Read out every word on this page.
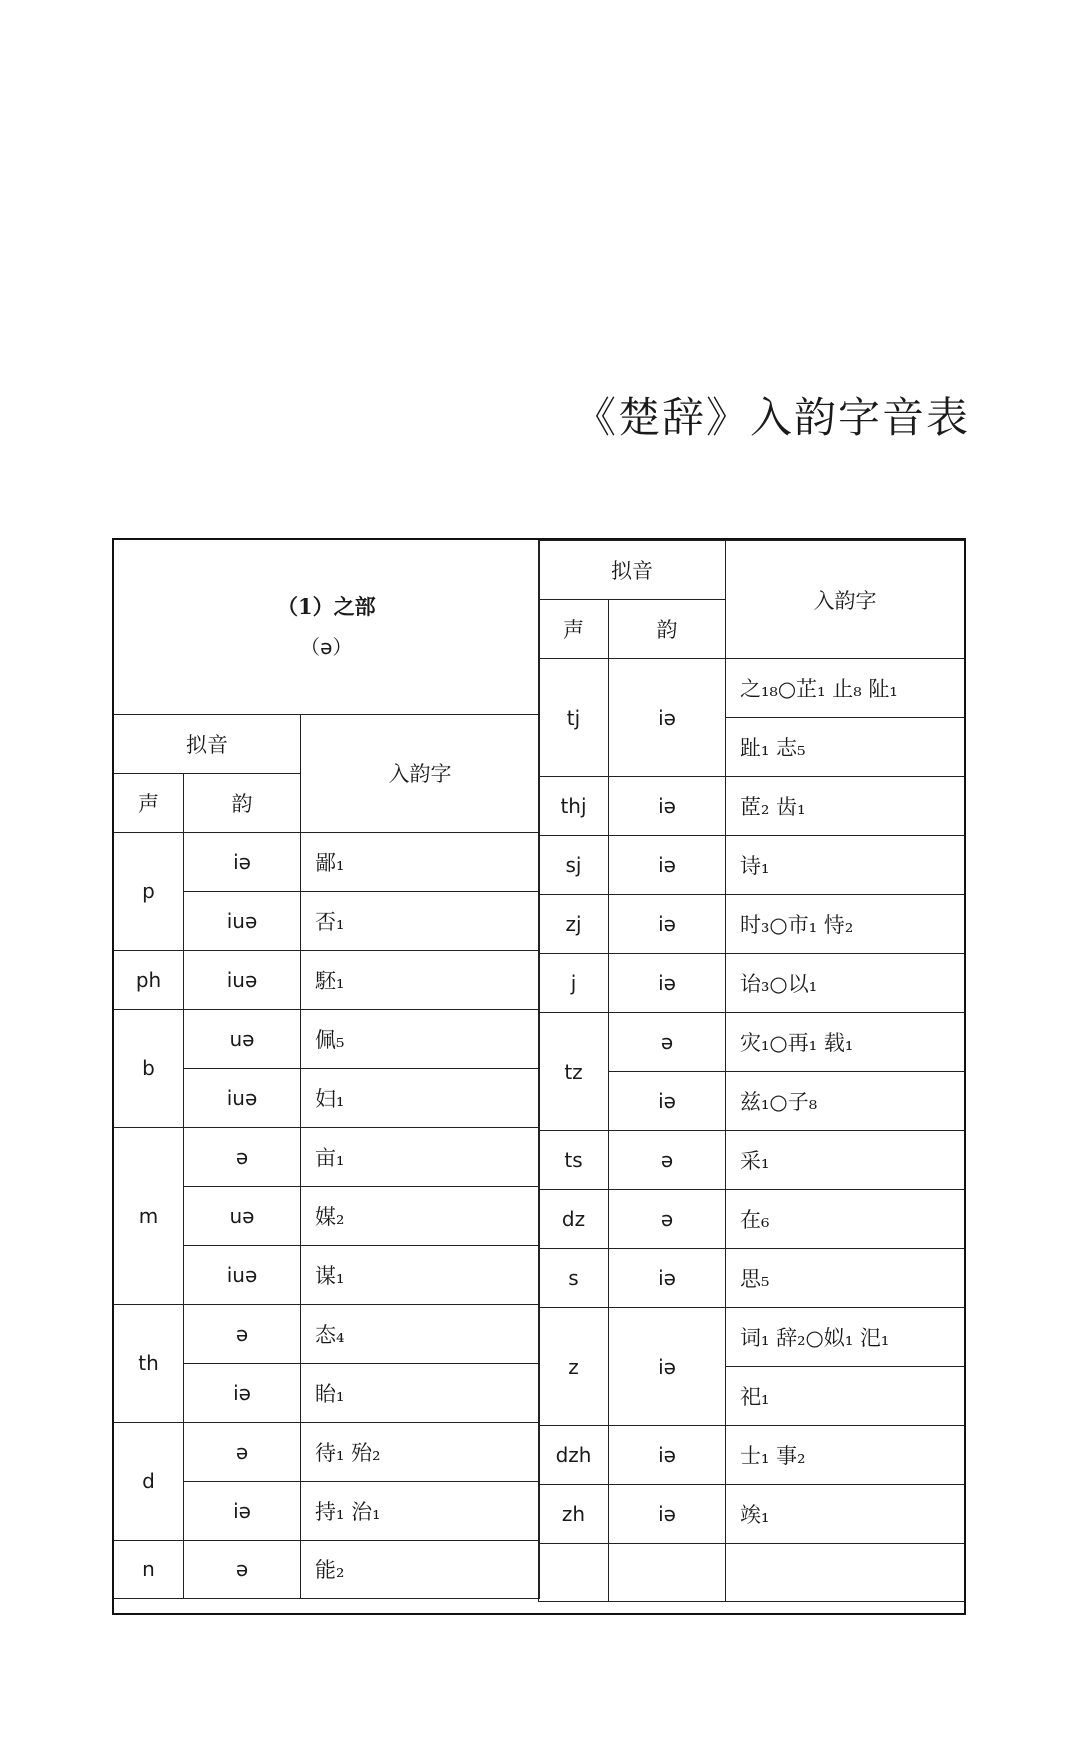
《楚辞》入韵字音表
（1）之部
（ə）		

拟音		入韵字
声	韵	
p	iə	鄙₁
	iuə	否₁
ph	iuə	駓₁
b	uə	佩₅
	iuə	妇₁
m	ə	亩₁
	uə	媒₂
	iuə	谋₁
th	ə	态₄
	iə	眙₁
d	ə	待₁ 殆₂
	iə	持₁ 治₁
n	ə	能₂
拟音		入韵字
声	韵	
tj	iə	之₁₈○芷₁ 止₈ 阯₁
		趾₁ 志₅
thj	iə	茝₂ 齿₁
sj	iə	诗₁
zj	iə	时₃○市₁ 恃₂
j	iə	诒₃○以₁
tz	ə	灾₁○再₁ 载₁
	iə	兹₁○子₈
ts	ə	采₁
dz	ə	在₆
s	iə	思₅
z	iə	词₁ 辞₂○姒₁ 汜₁
		祀₁
dzh	iə	士₁ 事₂
zh	iə	竢₁
